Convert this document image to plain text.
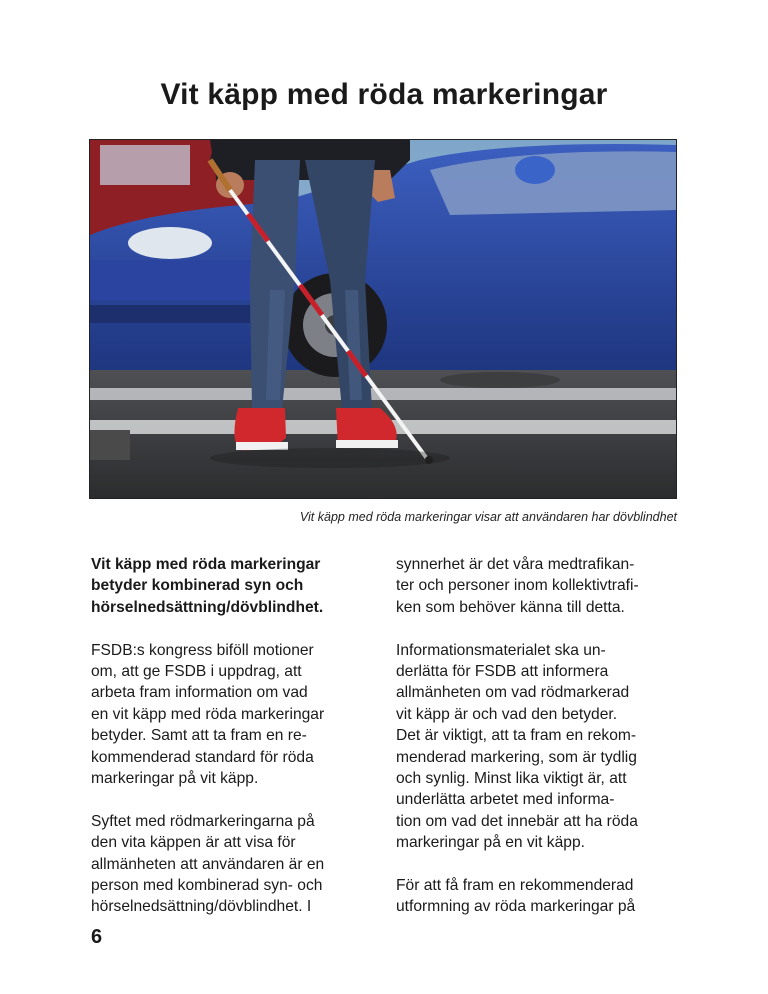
Vit käpp med röda markeringar
Vit käpp med röda markeringar visar att användaren har dövblindhet

Vit käpp med röda markeringar
betyder kombinerad syn och
hörselnedsättning/dövblindhet.

FSDB:s kongress biföll motioner
om, att ge FSDB i uppdrag, att
arbeta fram information om vad
en vit käpp med röda markeringar
betyder. Samt att ta fram en re-
kommenderad standard för röda
markeringar på vit käpp.

Syftet med rödmarkeringarna på
den vita käppen är att visa för
allmänheten att användaren är en
person med kombinerad syn- och
hörselnedsättning/dövblindhet. I

synnerhet är det våra medtrafikan-
ter och personer inom kollektivtrafi-
ken som behöver känna till detta.

Informationsmaterialet ska un-
derlätta för FSDB att informera
allmänheten om vad rödmarkerad
vit käpp är och vad den betyder.
Det är viktigt, att ta fram en rekom-
menderad markering, som är tydlig
och synlig. Minst lika viktigt är, att
underlätta arbetet med informa-
tion om vad det innebär att ha röda
markeringar på en vit käpp.

För att få fram en rekommenderad
utformning av röda markeringar på

6
